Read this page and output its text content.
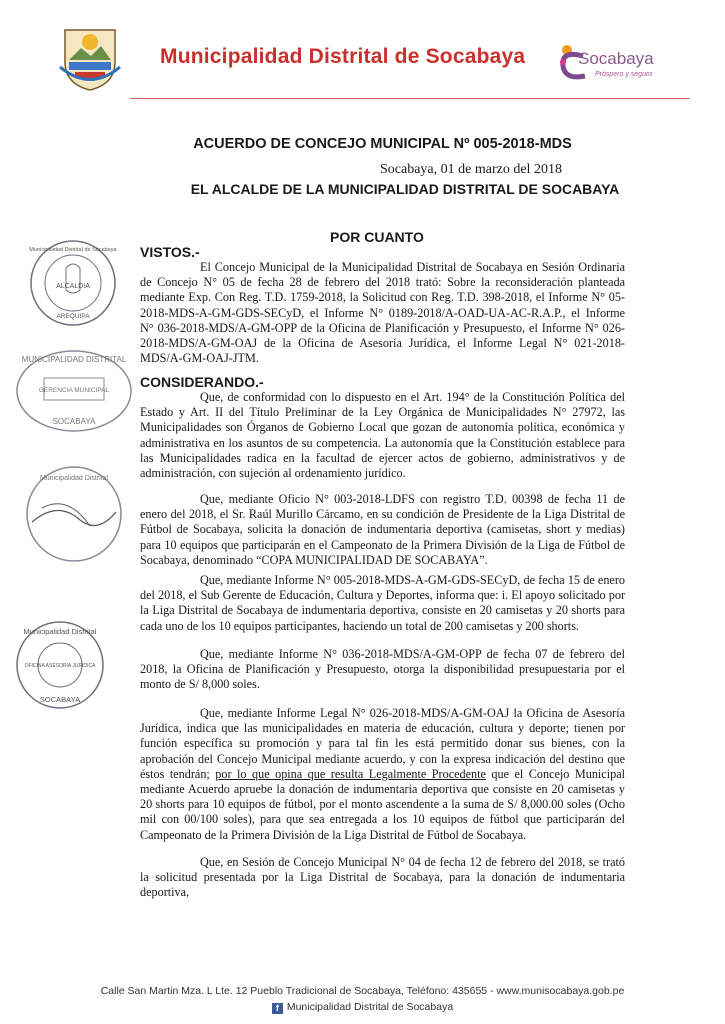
Municipalidad Distrital de Socabaya	Socabaya
Próspero y seguro
ACUERDO DE CONCEJO MUNICIPAL Nº 005-2018-MDS
Socabaya, 01 de marzo del 2018
EL ALCALDE DE LA MUNICIPALIDAD DISTRITAL DE SOCABAYA
POR CUANTO
VISTOS.-
El Concejo Municipal de la Municipalidad Distrital de Socabaya en Sesión Ordinaria de Concejo N° 05 de fecha 28 de febrero del 2018 trató: Sobre la reconsideración planteada mediante Exp. Con Reg. T.D. 1759-2018, la Solicitud con Reg. T.D. 398-2018, el Informe N° 05-2018-MDS-A-GM-GDS-SECyD, el Informe N° 0189-2018/A-OAD-UA-AC-R.A.P., el Informe N° 036-2018-MDS/A-GM-OPP de la Oficina de Planificación y Presupuesto, el Informe N° 026-2018-MDS/A-GM-OAJ de la Oficina de Asesoría Jurídica, el Informe Legal N° 021-2018-MDS/A-GM-OAJ-JTM.
CONSIDERANDO.-
Que, de conformidad con lo dispuesto en el Art. 194° de la Constitución Política del Estado y Art. II del Título Preliminar de la Ley Orgánica de Municipalidades N° 27972, las Municipalidades son Órganos de Gobierno Local que gozan de autonomía política, económica y administrativa en los asuntos de su competencia. La autonomía que la Constitución establece para las Municipalidades radica en la facultad de ejercer actos de gobierno, administrativos y de administración, con sujeción al ordenamiento jurídico.
Que, mediante Oficio N° 003-2018-LDFS con registro T.D. 00398 de fecha 11 de enero del 2018, el Sr. Raúl Murillo Cárcamo, en su condición de Presidente de la Liga Distrital de Fútbol de Socabaya, solicita la donación de indumentaria deportiva (camisetas, short y medias) para 10 equipos que participarán en el Campeonato de la Primera División de la Liga de Fútbol de Socabaya, denominado “COPA MUNICIPALIDAD DE SOCABAYA”.
Que, mediante Informe N° 005-2018-MDS-A-GM-GDS-SECyD, de fecha 15 de enero del 2018, el Sub Gerente de Educación, Cultura y Deportes, informa que: i. El apoyo solicitado por la Liga Distrital de Socabaya de indumentaria deportiva, consiste en 20 camisetas y 20 shorts para cada uno de los 10 equipos participantes, haciendo un total de 200 camisetas y 200 shorts.
Que, mediante Informe N° 036-2018-MDS/A-GM-OPP de fecha 07 de febrero del 2018, la Oficina de Planificación y Presupuesto, otorga la disponibilidad presupuestaria por el monto de S/ 8,000 soles.
Que, mediante Informe Legal N° 026-2018-MDS/A-GM-OAJ la Oficina de Asesoría Jurídica, indica que las municipalidades en materia de educación, cultura y deporte; tienen por función específica su promoción y para tal fin les está permitido donar sus bienes, con la aprobación del Concejo Municipal mediante acuerdo, y con la expresa indicación del destino que éstos tendrán; por lo que opina que resulta Legalmente Procedente que el Concejo Municipal mediante Acuerdo apruebe la donación de indumentaria deportiva que consiste en 20 camisetas y 20 shorts para 10 equipos de fútbol, por el monto ascendente a la suma de S/ 8,000.00 soles (Ocho mil con 00/100 soles), para que sea entregada a los 10 equipos de fútbol que participarán del Campeonato de la Primera División de la Liga Distrital de Fútbol de Socabaya.
Que, en Sesión de Concejo Municipal N° 04 de fecha 12 de febrero del 2018, se trató la solicitud presentada por la Liga Distrital de Socabaya, para la donación de indumentaria deportiva,
ALCALDIA
AREQUIPA
Municipalidad Distrital de Socabaya
MUNICIPALIDAD DISTRITAL
GERENCIA MUNICIPAL
SOCABAYA
Municipalidad Distrital
Municipalidad Distrital
OFICINA ASESORIA JURIDICA
SOCABAYA
Calle San Martin Mza. L Lte. 12 Pueblo Tradicional de Socabaya, Teléfono: 435655 - www.munisocabaya.gob.pe
f Municipalidad Distrital de Socabaya
